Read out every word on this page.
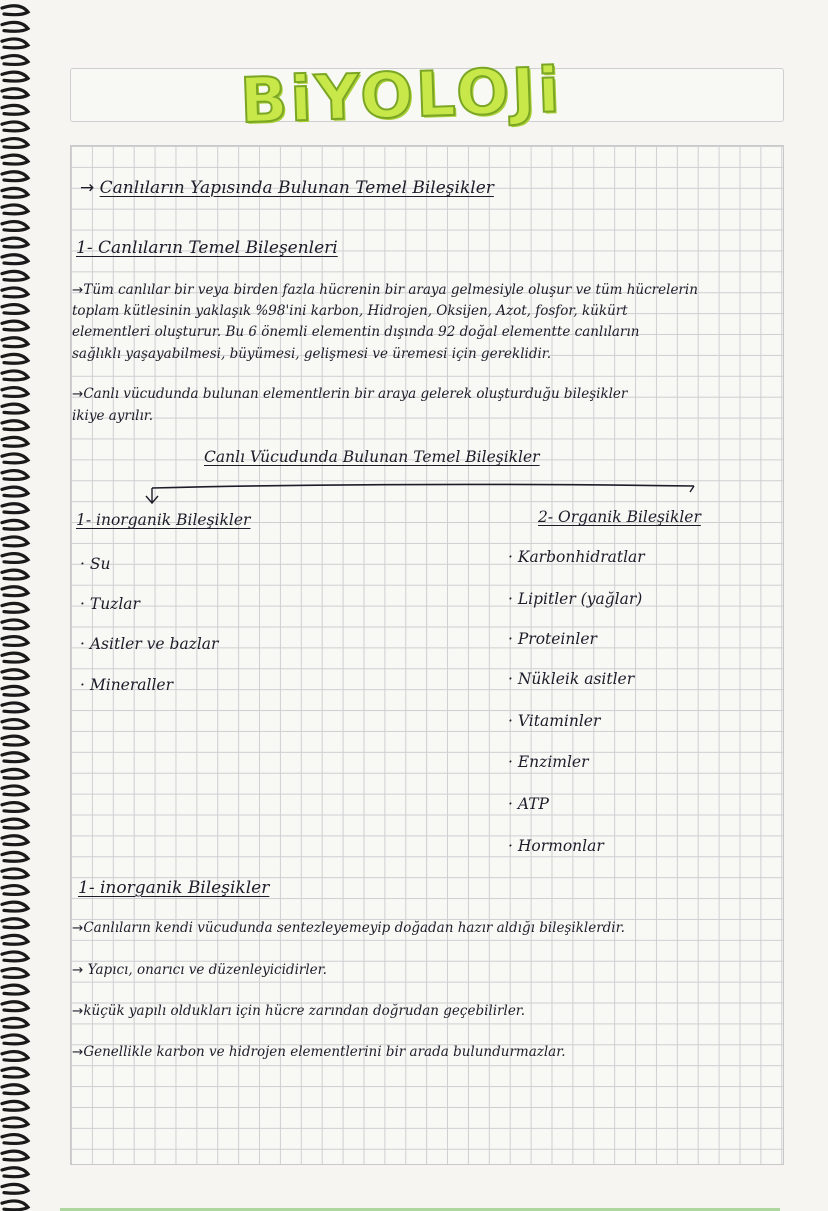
BiYOLOJi
→ Canlıların Yapısında Bulunan Temel Bileşikler
1- Canlıların Temel Bileşenleri
→Tüm canlılar bir veya birden fazla hücrenin bir araya gelmesiyle oluşur ve tüm hücrelerin
toplam kütlesinin yaklaşık %98'ini karbon, Hidrojen, Oksijen, Azot, fosfor, kükürt
elementleri oluşturur. Bu 6 önemli elementin dışında 92 doğal elementte canlıların
sağlıklı yaşayabilmesi, büyümesi, gelişmesi ve üremesi için gereklidir.
→Canlı vücudunda bulunan elementlerin bir araya gelerek oluşturduğu bileşikler
ikiye ayrılır.
Canlı Vücudunda Bulunan Temel Bileşikler
1- inorganik Bileşikler
· Su
· Tuzlar
· Asitler ve bazlar
· Mineraller
2- Organik Bileşikler
· Karbonhidratlar
· Lipitler (yağlar)
· Proteinler
· Nükleik asitler
· Vitaminler
· Enzimler
· ATP
· Hormonlar
1- inorganik Bileşikler
→Canlıların kendi vücudunda sentezleyemeyip doğadan hazır aldığı bileşiklerdir.
→ Yapıcı, onarıcı ve düzenleyicidirler.
→küçük yapılı oldukları için hücre zarından doğrudan geçebilirler.
→Genellikle karbon ve hidrojen elementlerini bir arada bulundurmazlar.
